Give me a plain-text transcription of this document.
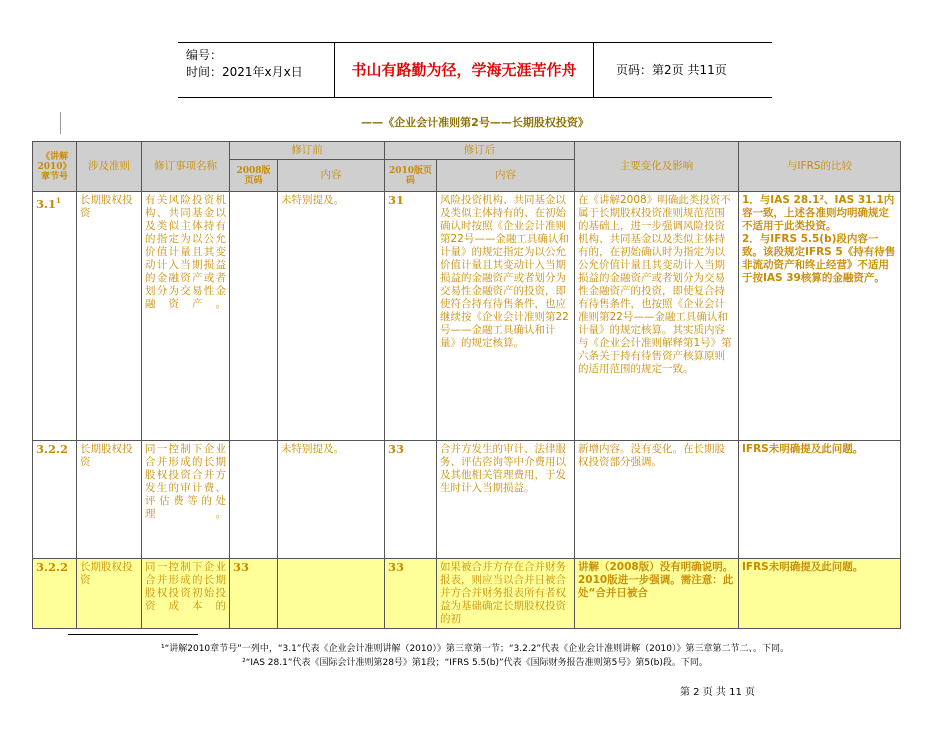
编号：
时间：2021年x月x日	书山有路勤为径，学海无涯苦作舟	页码：第2页 共11页
——《企业会计准则第2号——长期股权投资》
《讲解2010》章节号	涉及准则	修订事项名称	修订前		修订后		主要变化及影响	与IFRS的比较
			2008版页码	内容	2010版页码	内容		
$3.1^1$	长期股权投资	有关风险投资机构、共同基金以及类似主体持有的指定为以公允价值计量且其变动计入当期损益的金融资产或者划分为交易性金融资产。		未特别提及。	31	风险投资机构、共同基金以及类似主体持有的、在初始确认时按照《企业会计准则第22号——金融工具确认和计量》的规定指定为以公允价值计量且其变动计入当期损益的金融资产或者划分为交易性金融资产的投资，即使符合持有待售条件，也应继续按《企业会计准则第22号——金融工具确认和计量》的规定核算。	在《讲解2008》明确此类投资不属于长期股权投资准则规范范围的基础上，进一步强调风险投资机构、共同基金以及类似主体持有的，在初始确认时为指定为以公允价值计量且其变动计入当期损益的金融资产或者划分为交易性金融资产的投资，即使复合持有待售条件，也按照《企业会计准则第22号——金融工具确认和计量》的规定核算。其实质内容与《企业会计准则解释第1号》第六条关于持有待售资产核算原则的适用范围的规定一致。	1．与IAS 28.1²、IAS 31.1内容一致，上述各准则均明确规定不适用于此类投资。
2．与IFRS 5.5(b)段内容一致。该段规定IFRS 5《持有待售非流动资产和终止经营》不适用于按IAS 39核算的金融资产。

3.2.2	长期股权投资	同一控制下企业合并形成的长期股权投资合并方发生的审计费、评估费等的处理。		未特别提及。	33	合并方发生的审计、法律服务、评估咨询等中介费用以及其他相关管理费用，于发生时计入当期损益。	新增内容。没有变化。在长期股权投资部分强调。	IFRS未明确提及此问题。
3.2.2	长期股权投资	同一控制下企业合并形成的长期股权投资初始投资成本的	33		33	如果被合并方存在合并财务报表，则应当以合并日被合并方合并财务报表所有者权益为基础确定长期股权投资的初	讲解（2008版）没有明确说明。2010版进一步强调。需注意：此处“合并日被合	IFRS未明确提及此问题。
¹“讲解2010章节号”一列中，“3.1”代表《企业会计准则讲解（2010）》第三章第一节；“3.2.2”代表《企业会计准则讲解（2010）》第三章第二节二、。下同。
²“IAS 28.1”代表《国际会计准则第28号》第1段；“IFRS 5.5(b)”代表《国际财务报告准则第5号》第5(b)段。下同。
第 2 页 共 11 页
